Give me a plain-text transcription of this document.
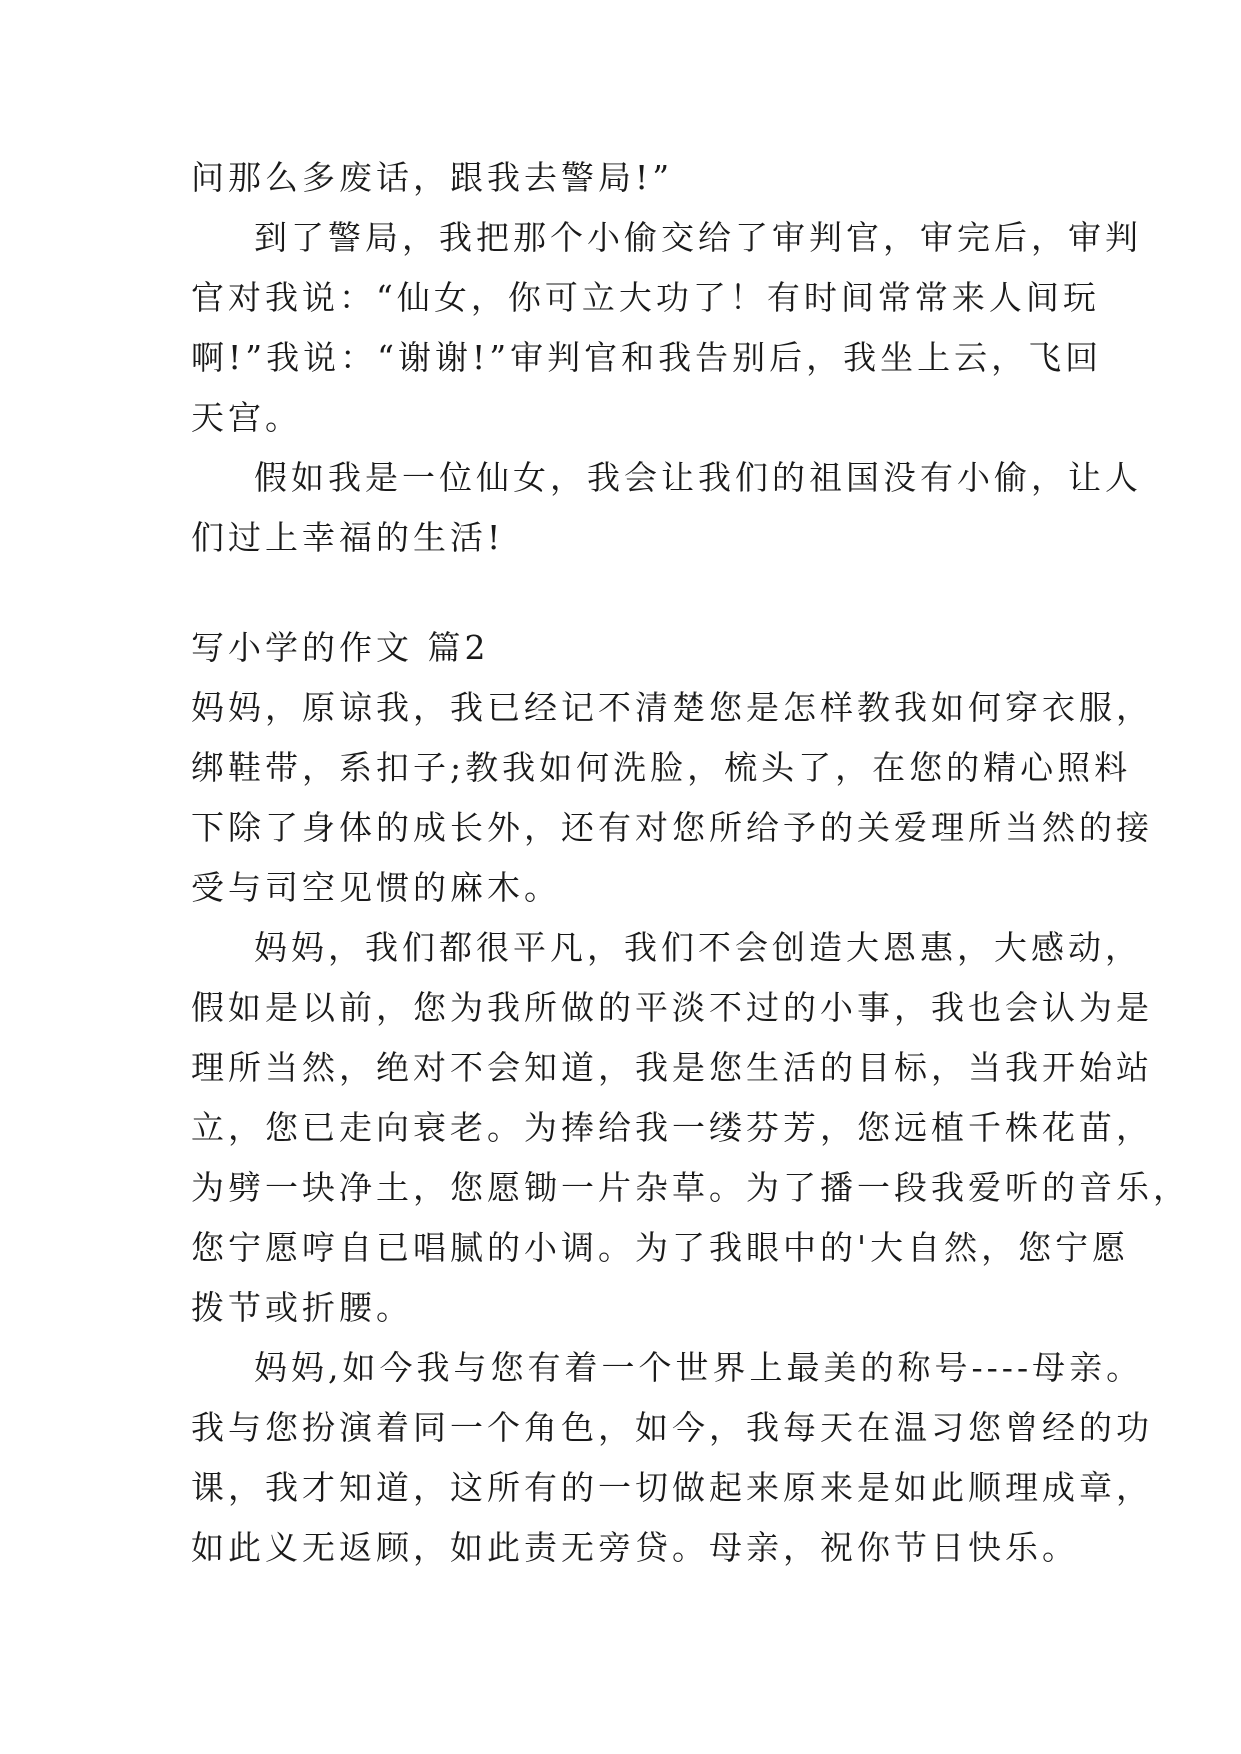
问那么多废话，跟我去警局!”
到了警局，我把那个小偷交给了审判官，审完后，审判
官对我说：“仙女，你可立大功了！有时间常常来人间玩
啊!”我说：“谢谢!”审判官和我告别后，我坐上云，飞回
天宫。
假如我是一位仙女，我会让我们的祖国没有小偷，让人
们过上幸福的生活!
写小学的作文 篇2
妈妈，原谅我，我已经记不清楚您是怎样教我如何穿衣服，
绑鞋带，系扣子;教我如何洗脸，梳头了，在您的精心照料
下除了身体的成长外，还有对您所给予的关爱理所当然的接
受与司空见惯的麻木。
妈妈，我们都很平凡，我们不会创造大恩惠，大感动，
假如是以前，您为我所做的平淡不过的小事，我也会认为是
理所当然，绝对不会知道，我是您生活的目标，当我开始站
立，您已走向衰老。为捧给我一缕芬芳，您远植千株花苗，
为劈一块净土，您愿锄一片杂草。为了播一段我爱听的音乐，
您宁愿哼自已唱腻的小调。为了我眼中的'大自然，您宁愿
拨节或折腰。
妈妈,如今我与您有着一个世界上最美的称号----母亲。
我与您扮演着同一个角色，如今，我每天在温习您曾经的功
课，我才知道，这所有的一切做起来原来是如此顺理成章，
如此义无返顾，如此责无旁贷。母亲，祝你节日快乐。
